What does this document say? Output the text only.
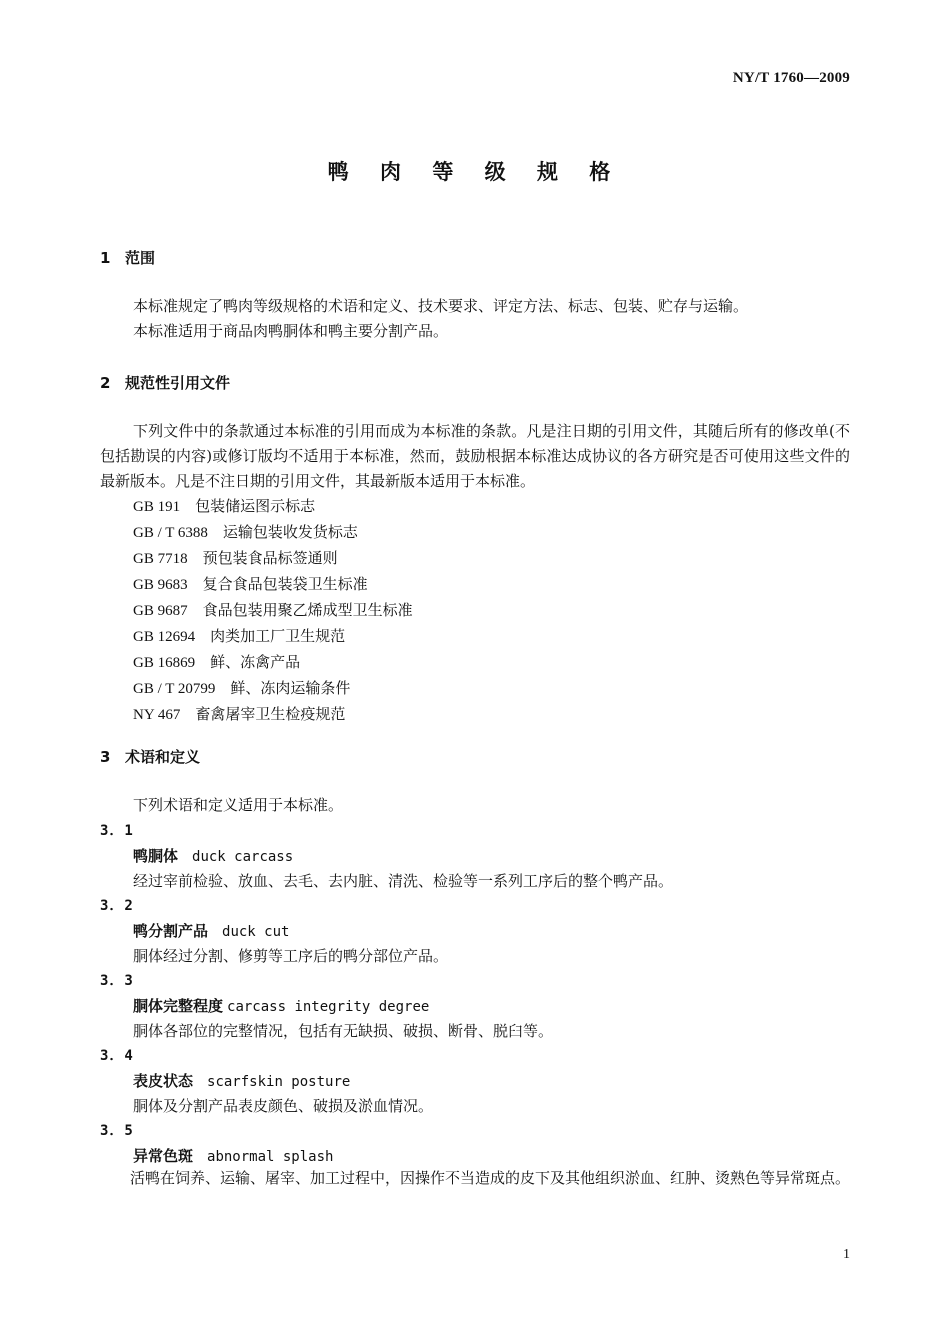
NY/T 1760—2009
鸭 肉 等 级 规 格
1 范围
本标准规定了鸭肉等级规格的术语和定义、技术要求、评定方法、标志、包装、贮存与运输。
本标准适用于商品肉鸭胴体和鸭主要分割产品。
2 规范性引用文件
下列文件中的条款通过本标准的引用而成为本标准的条款。凡是注日期的引用文件，其随后所有的修改单(不包括勘误的内容)或修订版均不适用于本标准，然而，鼓励根据本标准达成协议的各方研究是否可使用这些文件的最新版本。凡是不注日期的引用文件，其最新版本适用于本标准。
GB 191 包装储运图示标志
GB / T 6388 运输包装收发货标志
GB 7718 预包装食品标签通则
GB 9683 复合食品包装袋卫生标准
GB 9687 食品包装用聚乙烯成型卫生标准
GB 12694 肉类加工厂卫生规范
GB 16869 鲜、冻禽产品
GB / T 20799 鲜、冻肉运输条件
NY 467 畜禽屠宰卫生检疫规范
3 术语和定义
下列术语和定义适用于本标准。
3．1
鸭胴体 duck carcass
经过宰前检验、放血、去毛、去内脏、清洗、检验等一系列工序后的整个鸭产品。
3．2
鸭分割产品 duck cut
胴体经过分割、修剪等工序后的鸭分部位产品。
3．3
胴体完整程度 carcass integrity degree
胴体各部位的完整情况，包括有无缺损、破损、断骨、脱臼等。
3．4
表皮状态 scarfskin posture
胴体及分割产品表皮颜色、破损及淤血情况。
3．5
异常色斑 abnormal splash
活鸭在饲养、运输、屠宰、加工过程中，因操作不当造成的皮下及其他组织淤血、红肿、烫熟色等异常斑点。
1
